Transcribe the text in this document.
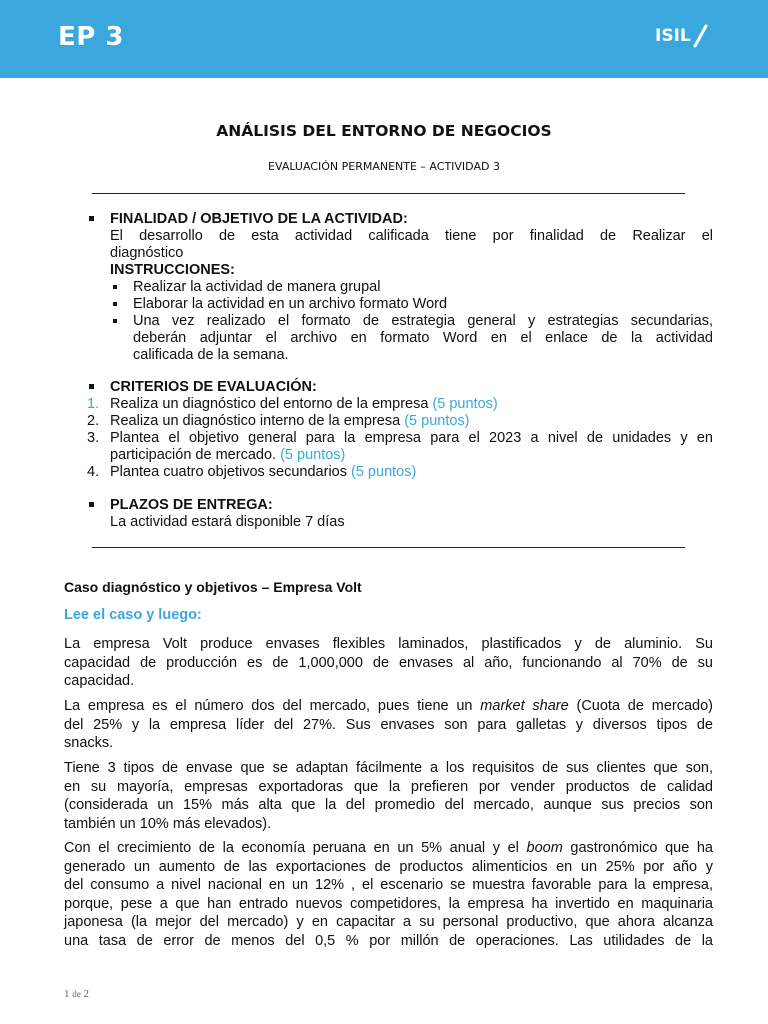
EP 3	ISIL
ANÁLISIS DEL ENTORNO DE NEGOCIOS
EVALUACIÓN PERMANENTE – ACTIVIDAD 3
FINALIDAD / OBJETIVO DE LA ACTIVIDAD:
El desarrollo de esta actividad calificada tiene por finalidad de Realizar el
diagnóstico
INSTRUCCIONES:
Realizar la actividad de manera grupal
Elaborar la actividad en un archivo formato Word
Una vez realizado el formato de estrategia general y estrategias secundarias,
deberán adjuntar el archivo en formato Word en el enlace de la actividad
calificada de la semana.
CRITERIOS DE EVALUACIÓN:
1. Realiza un diagnóstico del entorno de la empresa (5 puntos)
2. Realiza un diagnóstico interno de la empresa (5 puntos)
3. Plantea el objetivo general para la empresa para el 2023 a nivel de unidades y en
participación de mercado. (5 puntos)
4. Plantea cuatro objetivos secundarios (5 puntos)
PLAZOS DE ENTREGA:
La actividad estará disponible 7 días
Caso diagnóstico y objetivos – Empresa Volt
Lee el caso y luego:
La empresa Volt produce envases flexibles laminados, plastificados y de aluminio. Su
capacidad de producción es de 1,000,000 de envases al año, funcionando al 70% de su
capacidad.
La empresa es el número dos del mercado, pues tiene un market share (Cuota de mercado)
del 25% y la empresa líder del 27%. Sus envases son para galletas y diversos tipos de
snacks.
Tiene 3 tipos de envase que se adaptan fácilmente a los requisitos de sus clientes que son,
en su mayoría, empresas exportadoras que la prefieren por vender productos de calidad
(considerada un 15% más alta que la del promedio del mercado, aunque sus precios son
también un 10% más elevados).
Con el crecimiento de la economía peruana en un 5% anual y el boom gastronómico que ha
generado un aumento de las exportaciones de productos alimenticios en un 25% por año y
del consumo a nivel nacional en un 12% , el escenario se muestra favorable para la empresa,
porque, pese a que han entrado nuevos competidores, la empresa ha invertido en maquinaria
japonesa (la mejor del mercado) y en capacitar a su personal productivo, que ahora alcanza
una tasa de error de menos del 0,5 % por millón de operaciones. Las utilidades de la
1 de 2
